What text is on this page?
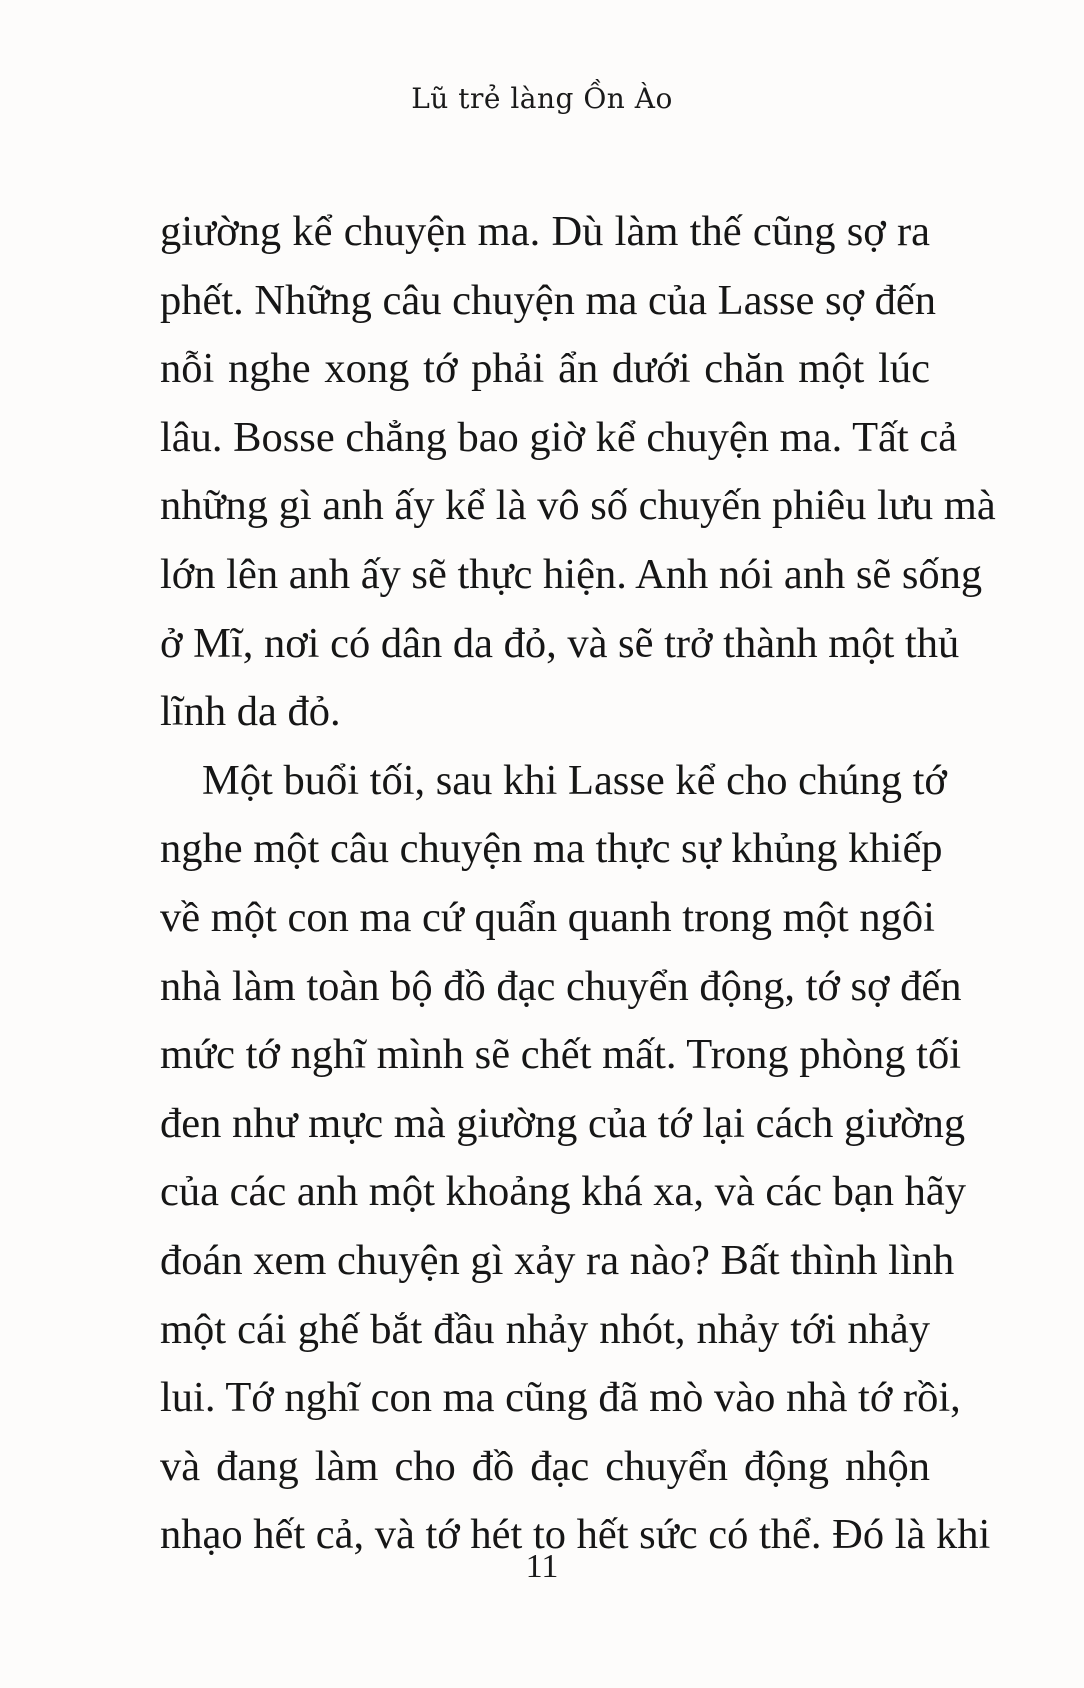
Lũ trẻ làng Ồn Ào
giường kể chuyện ma. Dù làm thế cũng sợ ra
phết. Những câu chuyện ma của Lasse sợ đến
nỗi nghe xong tớ phải ẩn dưới chăn một lúc
lâu. Bosse chẳng bao giờ kể chuyện ma. Tất cả
những gì anh ấy kể là vô số chuyến phiêu lưu mà
lớn lên anh ấy sẽ thực hiện. Anh nói anh sẽ sống
ở Mĩ, nơi có dân da đỏ, và sẽ trở thành một thủ
lĩnh da đỏ.
Một buổi tối, sau khi Lasse kể cho chúng tớ
nghe một câu chuyện ma thực sự khủng khiếp
về một con ma cứ quẩn quanh trong một ngôi
nhà làm toàn bộ đồ đạc chuyển động, tớ sợ đến
mức tớ nghĩ mình sẽ chết mất. Trong phòng tối
đen như mực mà giường của tớ lại cách giường
của các anh một khoảng khá xa, và các bạn hãy
đoán xem chuyện gì xảy ra nào? Bất thình lình
một cái ghế bắt đầu nhảy nhót, nhảy tới nhảy
lui. Tớ nghĩ con ma cũng đã mò vào nhà tớ rồi,
và đang làm cho đồ đạc chuyển động nhộn
nhạo hết cả, và tớ hét to hết sức có thể. Đó là khi
11
